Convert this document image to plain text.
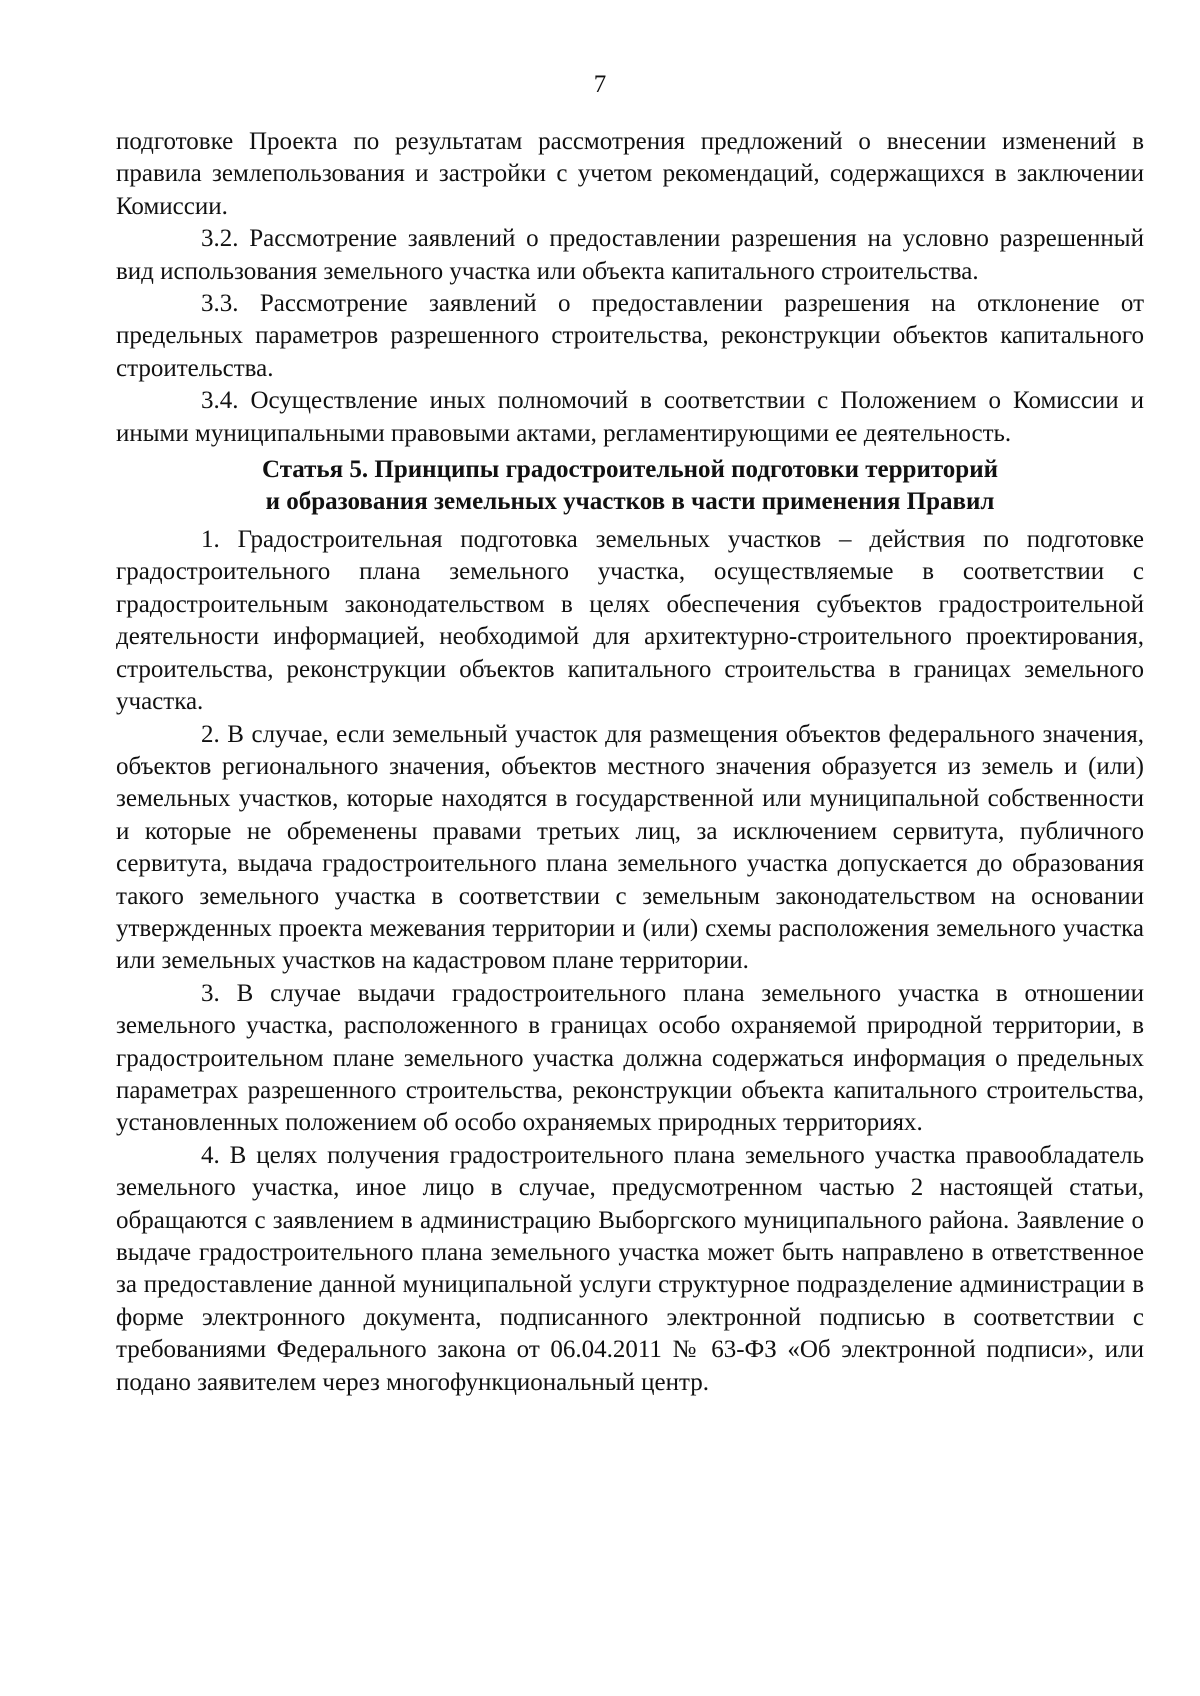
7

подготовке Проекта по результатам рассмотрения предложений о внесении изменений в правила землепользования и застройки с учетом рекомендаций, содержащихся в заключении Комиссии.

3.2. Рассмотрение заявлений о предоставлении разрешения на условно разрешенный вид использования земельного участка или объекта капитального строительства.

3.3. Рассмотрение заявлений о предоставлении разрешения на отклонение от предельных параметров разрешенного строительства, реконструкции объектов капитального строительства.

3.4. Осуществление иных полномочий в соответствии с Положением о Комиссии и иными муниципальными правовыми актами, регламентирующими ее деятельность.

Статья 5. Принципы градостроительной подготовки территорий
и образования земельных участков в части применения Правил

1. Градостроительная подготовка земельных участков – действия по подготовке градостроительного плана земельного участка, осуществляемые в соответствии с градостроительным законодательством в целях обеспечения субъектов градостроительной деятельности информацией, необходимой для архитектурно-строительного проектирования, строительства, реконструкции объектов капитального строительства в границах земельного участка.

2. В случае, если земельный участок для размещения объектов федерального значения, объектов регионального значения, объектов местного значения образуется из земель и (или) земельных участков, которые находятся в государственной или муниципальной собственности и которые не обременены правами третьих лиц, за исключением сервитута, публичного сервитута, выдача градостроительного плана земельного участка допускается до образования такого земельного участка в соответствии с земельным законодательством на основании утвержденных проекта межевания территории и (или) схемы расположения земельного участка или земельных участков на кадастровом плане территории.

3. В случае выдачи градостроительного плана земельного участка в отношении земельного участка, расположенного в границах особо охраняемой природной территории, в градостроительном плане земельного участка должна содержаться информация о предельных параметрах разрешенного строительства, реконструкции объекта капитального строительства, установленных положением об особо охраняемых природных территориях.

4. В целях получения градостроительного плана земельного участка правообладатель земельного участка, иное лицо в случае, предусмотренном частью 2 настоящей статьи, обращаются с заявлением в администрацию Выборгского муниципального района. Заявление о выдаче градостроительного плана земельного участка может быть направлено в ответственное за предоставление данной муниципальной услуги структурное подразделение администрации в форме электронного документа, подписанного электронной подписью в соответствии с требованиями Федерального закона от 06.04.2011 № 63-ФЗ «Об электронной подписи», или подано заявителем через многофункциональный центр.
